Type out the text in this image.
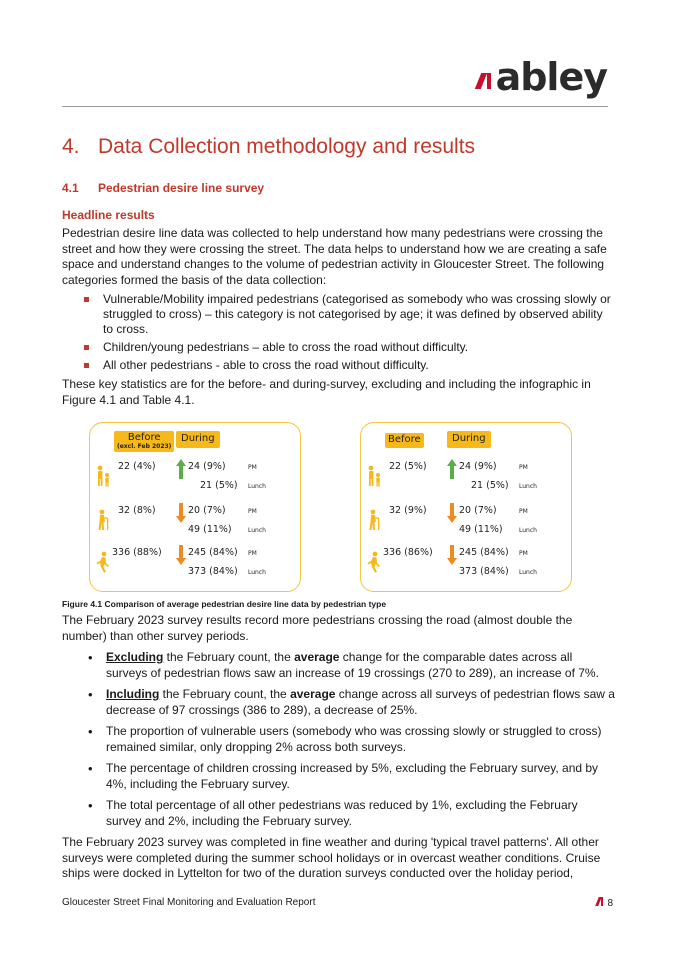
abley
4. Data Collection methodology and results
4.1	Pedestrian desire line survey
Headline results

Pedestrian desire line data was collected to help understand how many pedestrians were crossing the street and how they were crossing the street. The data helps to understand how we are creating a safe space and understand changes to the volume of pedestrian activity in Gloucester Street. The following categories formed the basis of the data collection:

Vulnerable/Mobility impaired pedestrians (categorised as somebody who was crossing slowly or struggled to cross) – this category is not categorised by age; it was defined by observed ability to cross.
Children/young pedestrians – able to cross the road without difficulty.
All other pedestrians - able to cross the road without difficulty.

These key statistics are for the before- and during-survey, excluding and including the infographic in Figure 4.1 and Table 4.1.

Before
(excl. Feb 2023)
During
22 (4%)	24 (9%)	PM
21 (5%) Lunch
32 (8%)	20 (7%)	PM
49 (11%)	Lunch
336 (88%)	245 (84%) PM
373 (84%) Lunch
Before	During
22 (5%)	24 (9%)	PM
21 (5%) Lunch
32 (9%)	20 (7%)	PM
49 (11%)	Lunch
336 (86%)	245 (84%) PM
373 (84%) Lunch
Figure 4.1 Comparison of average pedestrian desire line data by pedestrian type

The February 2023 survey results record more pedestrians crossing the road (almost double the number) than other survey periods.

• Excluding the February count, the average change for the comparable dates across all surveys of pedestrian flows saw an increase of 19 crossings (270 to 289), an increase of 7%.
• Including the February count, the average change across all surveys of pedestrian flows saw a decrease of 97 crossings (386 to 289), a decrease of 25%.
• The proportion of vulnerable users (somebody who was crossing slowly or struggled to cross) remained similar, only dropping 2% across both surveys.
• The percentage of children crossing increased by 5%, excluding the February survey, and by 4%, including the February survey.
• The total percentage of all other pedestrians was reduced by 1%, excluding the February survey and 2%, including the February survey.

The February 2023 survey was completed in fine weather and during 'typical travel patterns'. All other surveys were completed during the summer school holidays or in overcast weather conditions. Cruise ships were docked in Lyttelton for two of the duration surveys conducted over the holiday period,

Gloucester Street Final Monitoring and Evaluation Report	8
